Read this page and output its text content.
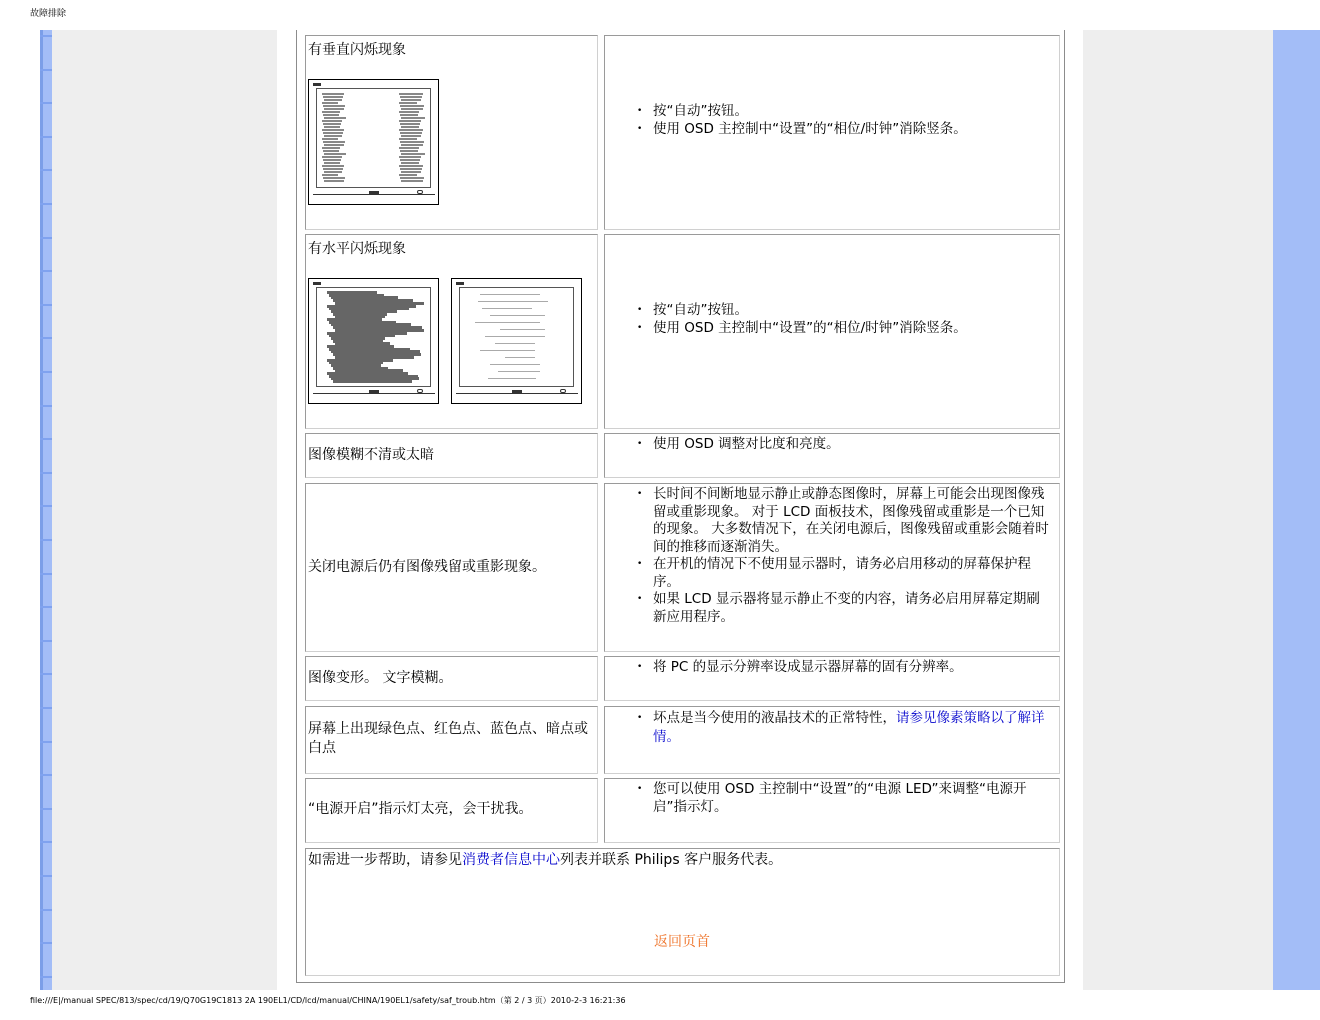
故障排除
有垂直闪烁现象
• 按“自动”按钮。
• 使用 OSD 主控制中“设置”的“相位/时钟”消除竖条。
有水平闪烁现象
• 按“自动”按钮。
• 使用 OSD 主控制中“设置”的“相位/时钟”消除竖条。
图像模糊不清或太暗
• 使用 OSD 调整对比度和亮度。
关闭电源后仍有图像残留或重影现象。
• 长时间不间断地显示静止或静态图像时，屏幕上可能会出现图像残留或重影现象。 对于 LCD 面板技术，图像残留或重影是一个已知的现象。 大多数情况下，在关闭电源后，图像残留或重影会随着时间的推移而逐渐消失。
• 在开机的情况下不使用显示器时，请务必启用移动的屏幕保护程序。
• 如果 LCD 显示器将显示静止不变的内容，请务必启用屏幕定期刷新应用程序。
图像变形。 文字模糊。
• 将 PC 的显示分辨率设成显示器屏幕的固有分辨率。
屏幕上出现绿色点、红色点、蓝色点、暗点或白点
• 坏点是当今使用的液晶技术的正常特性，请参见像素策略以了解详情。
“电源开启”指示灯太亮，会干扰我。
• 您可以使用 OSD 主控制中“设置”的“电源 LED”来调整“电源开启”指示灯。
如需进一步帮助，请参见消费者信息中心列表并联系 Philips 客户服务代表。
返回页首
file:///E|/manual SPEC/813/spec/cd/19/Q70G19C1813 2A 190EL1/CD/lcd/manual/CHINA/190EL1/safety/saf_troub.htm（第 2 / 3 页）2010-2-3 16:21:36
